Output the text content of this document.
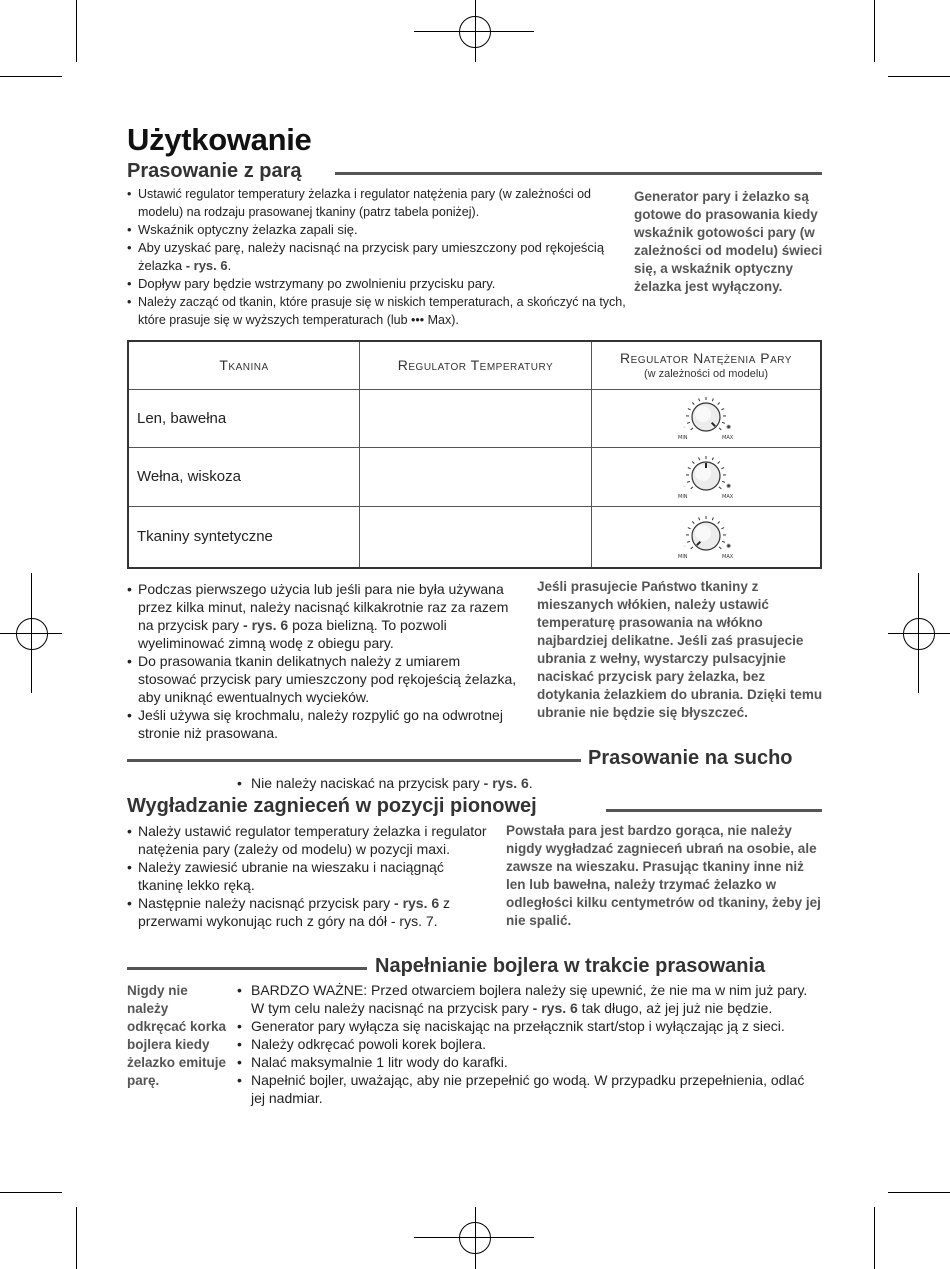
Użytkowanie
Prasowanie z parą
• Ustawić regulator temperatury żelazka i regulator natężenia pary (w zależności od modelu) na rodzaju prasowanej tkaniny (patrz tabela poniżej).
• Wskaźnik optyczny żelazka zapali się.
• Aby uzyskać parę, należy nacisnąć na przycisk pary umieszczony pod rękojeścią żelazka - rys. 6.
• Dopływ pary będzie wstrzymany po zwolnieniu przycisku pary.
• Należy zacząć od tkanin, które prasuje się w niskich temperaturach, a skończyć na tych, które prasuje się w wyższych temperaturach (lub ••• Max).
Generator pary i żelazko są gotowe do prasowania kiedy wskaźnik gotowości pary (w zależności od modelu) świeci się, a wskaźnik optyczny żelazka jest wyłączony.
Tkanina	Regulator Temperatury	Regulator Natężenia Pary
(w zależności od modelu)

Len, bawełna		◦ ✺
MIN MAX

Wełna, wiskoza		◦ ✺
MIN MAX

Tkaniny syntetyczne		◦ ✺
MIN MAX
• Podczas pierwszego użycia lub jeśli para nie była używana przez kilka minut, należy nacisnąć kilkakrotnie raz za razem na przycisk pary - rys. 6 poza bielizną. To pozwoli wyeliminować zimną wodę z obiegu pary.
• Do prasowania tkanin delikatnych należy z umiarem stosować przycisk pary umieszczony pod rękojeścią żelazka, aby uniknąć ewentualnych wycieków.
• Jeśli używa się krochmalu, należy rozpylić go na odwrotnej stronie niż prasowana.
Jeśli prasujecie Państwo tkaniny z mieszanych włókien, należy ustawić temperaturę prasowania na włókno najbardziej delikatne. Jeśli zaś prasujecie ubrania z wełny, wystarczy pulsacyjnie naciskać przycisk pary żelazka, bez dotykania żelazkiem do ubrania. Dzięki temu ubranie nie będzie się błyszczeć.
Prasowanie na sucho
• Nie należy naciskać na przycisk pary - rys. 6.
Wygładzanie zagnieceń w pozycji pionowej
• Należy ustawić regulator temperatury żelazka i regulator natężenia pary (zależy od modelu) w pozycji maxi.
• Należy zawiesić ubranie na wieszaku i naciągnąć tkaninę lekko ręką.
• Następnie należy nacisnąć przycisk pary - rys. 6 z przerwami wykonując ruch z góry na dół - rys. 7.
Powstała para jest bardzo gorąca, nie należy nigdy wygładzać zagnieceń ubrań na osobie, ale zawsze na wieszaku. Prasując tkaniny inne niż len lub bawełna, należy trzymać żelazko w odległości kilku centymetrów od tkaniny, żeby jej nie spalić.
Napełnianie bojlera w trakcie prasowania
Nigdy nie należy odkręcać korka bojlera kiedy żelazko emituje parę.
• BARDZO WAŻNE: Przed otwarciem bojlera należy się upewnić, że nie ma w nim już pary. W tym celu należy nacisnąć na przycisk pary - rys. 6 tak długo, aż jej już nie będzie.
• Generator pary wyłącza się naciskając na przełącznik start/stop i wyłączając ją z sieci.
• Należy odkręcać powoli korek bojlera.
• Nalać maksymalnie 1 litr wody do karafki.
• Napełnić bojler, uważając, aby nie przepełnić go wodą. W przypadku przepełnienia, odlać jej nadmiar.
